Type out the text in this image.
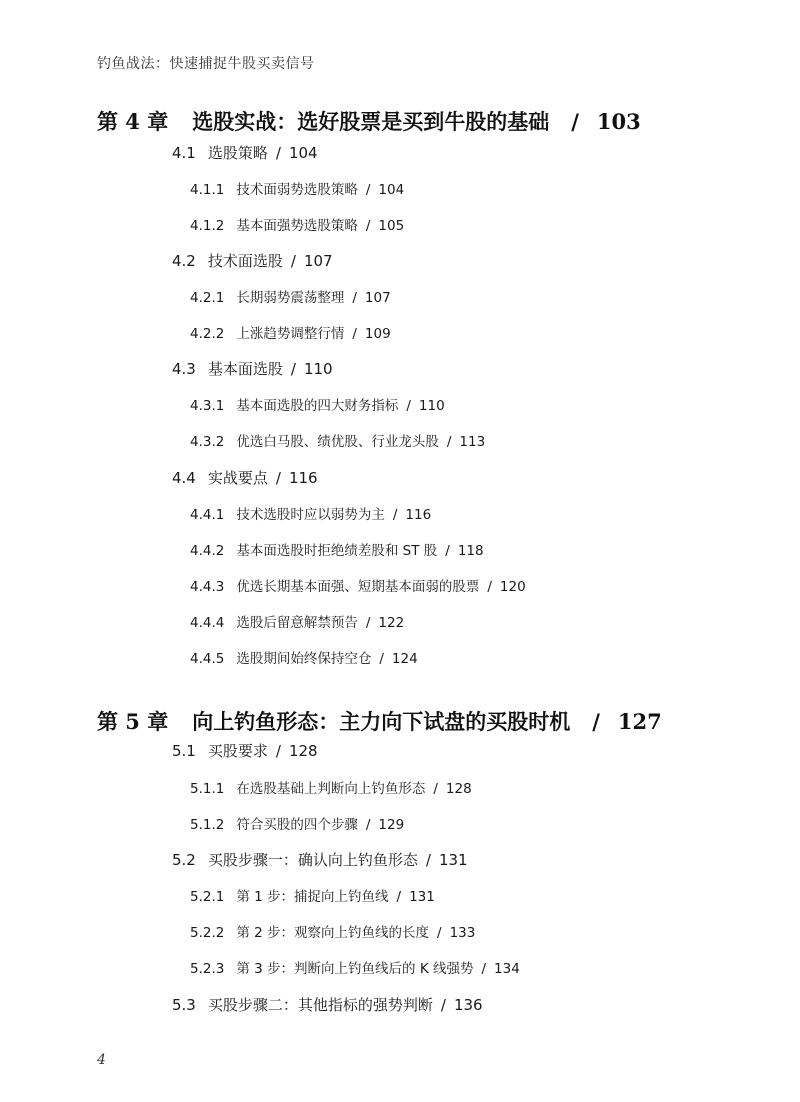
钓鱼战法：快速捕捉牛股买卖信号
第 4 章 选股实战：选好股票是买到牛股的基础 / 103
4.1 选股策略 / 104
4.1.1 技术面弱势选股策略 / 104
4.1.2 基本面强势选股策略 / 105
4.2 技术面选股 / 107
4.2.1 长期弱势震荡整理 / 107
4.2.2 上涨趋势调整行情 / 109
4.3 基本面选股 / 110
4.3.1 基本面选股的四大财务指标 / 110
4.3.2 优选白马股、绩优股、行业龙头股 / 113
4.4 实战要点 / 116
4.4.1 技术选股时应以弱势为主 / 116
4.4.2 基本面选股时拒绝绩差股和 ST 股 / 118
4.4.3 优选长期基本面强、短期基本面弱的股票 / 120
4.4.4 选股后留意解禁预告 / 122
4.4.5 选股期间始终保持空仓 / 124
第 5 章 向上钓鱼形态：主力向下试盘的买股时机 / 127
5.1 买股要求 / 128
5.1.1 在选股基础上判断向上钓鱼形态 / 128
5.1.2 符合买股的四个步骤 / 129
5.2 买股步骤一：确认向上钓鱼形态 / 131
5.2.1 第 1 步：捕捉向上钓鱼线 / 131
5.2.2 第 2 步：观察向上钓鱼线的长度 / 133
5.2.3 第 3 步：判断向上钓鱼线后的 K 线强势 / 134
5.3 买股步骤二：其他指标的强势判断 / 136
4
